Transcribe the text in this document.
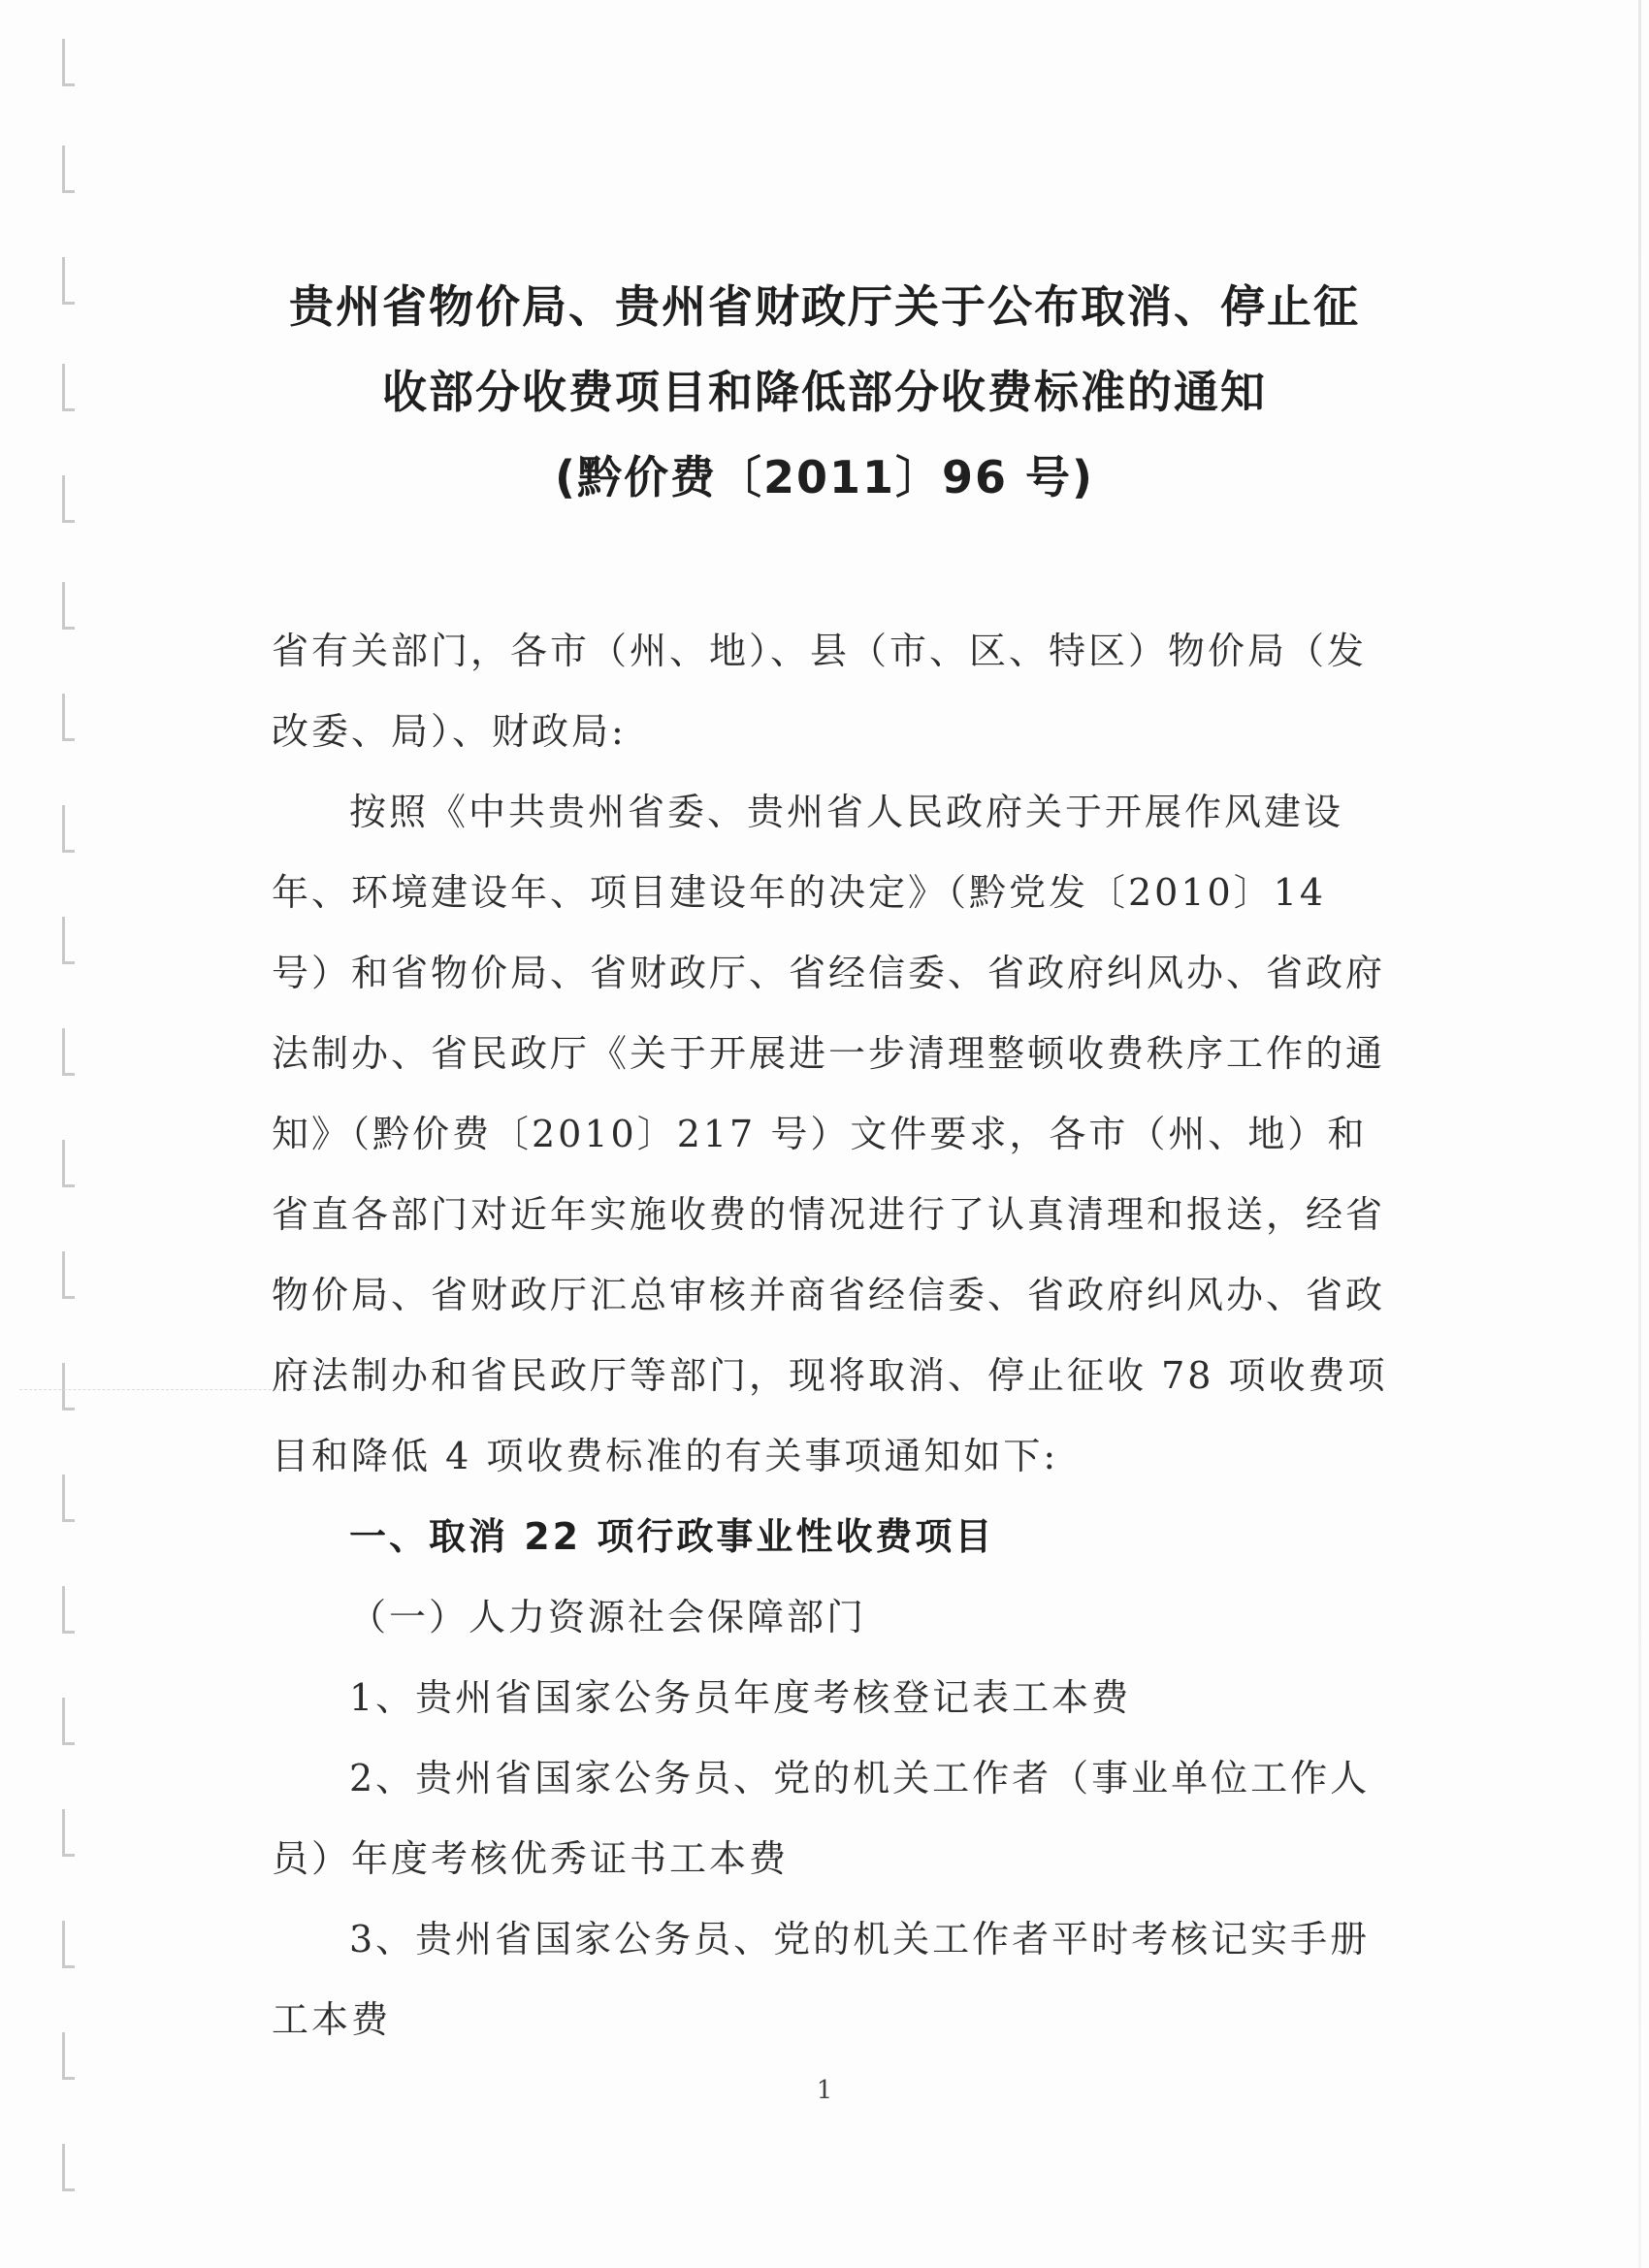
贵州省物价局、贵州省财政厅关于公布取消、停止征
收部分收费项目和降低部分收费标准的通知
(黔价费〔2011〕96 号)

省有关部门，各市（州、地）、县（市、区、特区）物价局（发改委、局）、财政局:

按照《中共贵州省委、贵州省人民政府关于开展作风建设年、环境建设年、项目建设年的决定》（黔党发〔2010〕14 号）和省物价局、省财政厅、省经信委、省政府纠风办、省政府法制办、省民政厅《关于开展进一步清理整顿收费秩序工作的通知》（黔价费〔2010〕217 号）文件要求，各市（州、地）和省直各部门对近年实施收费的情况进行了认真清理和报送，经省物价局、省财政厅汇总审核并商省经信委、省政府纠风办、省政府法制办和省民政厅等部门，现将取消、停止征收 78 项收费项目和降低 4 项收费标准的有关事项通知如下:

一、取消 22 项行政事业性收费项目

（一）人力资源社会保障部门

1、贵州省国家公务员年度考核登记表工本费

2、贵州省国家公务员、党的机关工作者（事业单位工作人员）年度考核优秀证书工本费

3、贵州省国家公务员、党的机关工作者平时考核记实手册工本费

1
